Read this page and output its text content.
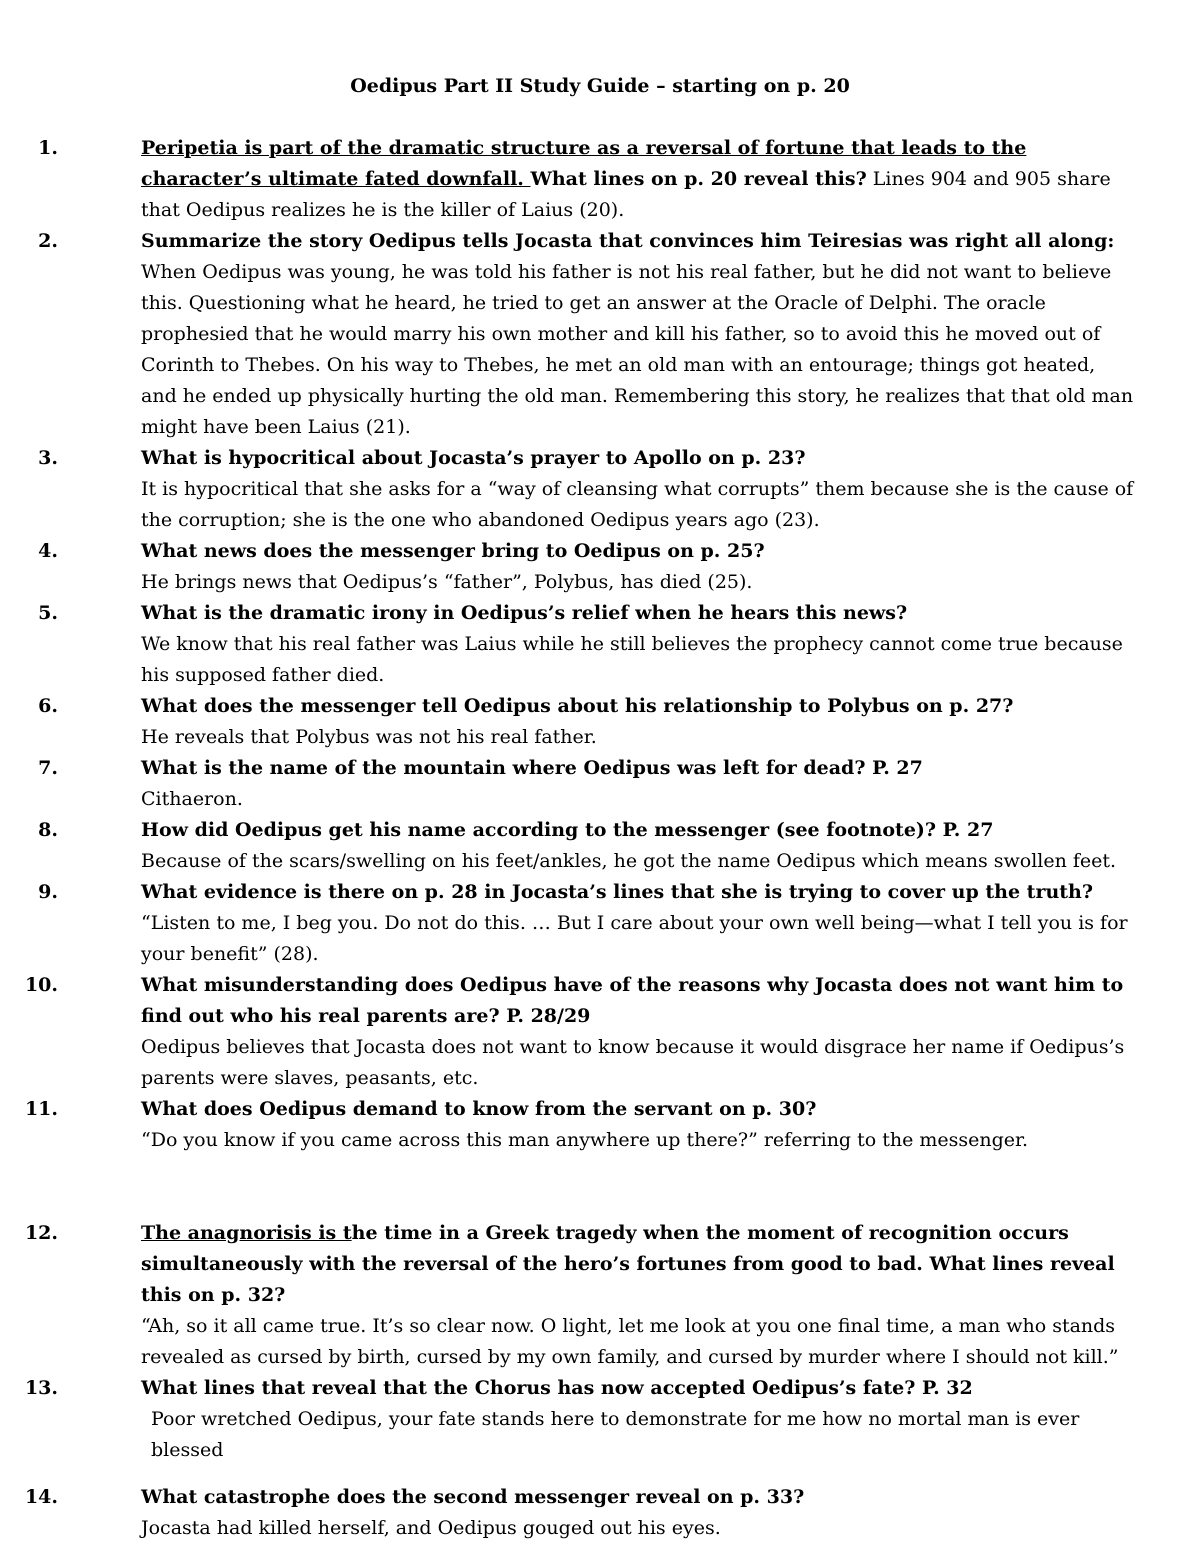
Oedipus Part II Study Guide – starting on p. 20
1.	Peripetia is part of the dramatic structure as a reversal of fortune that leads to the character’s ultimate fated downfall. What lines on p. 20 reveal this? Lines 904 and 905 share that Oedipus realizes he is the killer of Laius (20).
2.	Summarize the story Oedipus tells Jocasta that convinces him Teiresias was right all along:
When Oedipus was young, he was told his father is not his real father, but he did not want to believe this. Questioning what he heard, he tried to get an answer at the Oracle of Delphi. The oracle prophesied that he would marry his own mother and kill his father, so to avoid this he moved out of Corinth to Thebes. On his way to Thebes, he met an old man with an entourage; things got heated, and he ended up physically hurting the old man. Remembering this story, he realizes that that old man might have been Laius (21).
3.	What is hypocritical about Jocasta’s prayer to Apollo on p. 23?
It is hypocritical that she asks for a “way of cleansing what corrupts” them because she is the cause of the corruption; she is the one who abandoned Oedipus years ago (23).
4.	What news does the messenger bring to Oedipus on p. 25?
He brings news that Oedipus’s “father”, Polybus, has died (25).
5.	What is the dramatic irony in Oedipus’s relief when he hears this news?
We know that his real father was Laius while he still believes the prophecy cannot come true because his supposed father died.
6.	What does the messenger tell Oedipus about his relationship to Polybus on p. 27?
He reveals that Polybus was not his real father.
7.	What is the name of the mountain where Oedipus was left for dead? P. 27
Cithaeron.
8.	How did Oedipus get his name according to the messenger (see footnote)? P. 27
Because of the scars/swelling on his feet/ankles, he got the name Oedipus which means swollen feet.
9.	What evidence is there on p. 28 in Jocasta’s lines that she is trying to cover up the truth?
“Listen to me, I beg you. Do not do this. … But I care about your own well being—what I tell you is for your benefit” (28).
10.	What misunderstanding does Oedipus have of the reasons why Jocasta does not want him to find out who his real parents are? P. 28/29
Oedipus believes that Jocasta does not want to know because it would disgrace her name if Oedipus’s parents were slaves, peasants, etc.
11.	What does Oedipus demand to know from the servant on p. 30?
“Do you know if you came across this man anywhere up there?” referring to the messenger.
12.	The anagnorisis is the time in a Greek tragedy when the moment of recognition occurs simultaneously with the reversal of the hero’s fortunes from good to bad. What lines reveal this on p. 32?
“Ah, so it all came true. It’s so clear now. O light, let me look at you one final time, a man who stands revealed as cursed by birth, cursed by my own family, and cursed by murder where I should not kill.”
13.	What lines that reveal that the Chorus has now accepted Oedipus’s fate? P. 32
Poor wretched Oedipus, your fate stands here to demonstrate for me how no mortal man is ever blessed
14.	What catastrophe does the second messenger reveal on p. 33?
Jocasta had killed herself, and Oedipus gouged out his eyes.
